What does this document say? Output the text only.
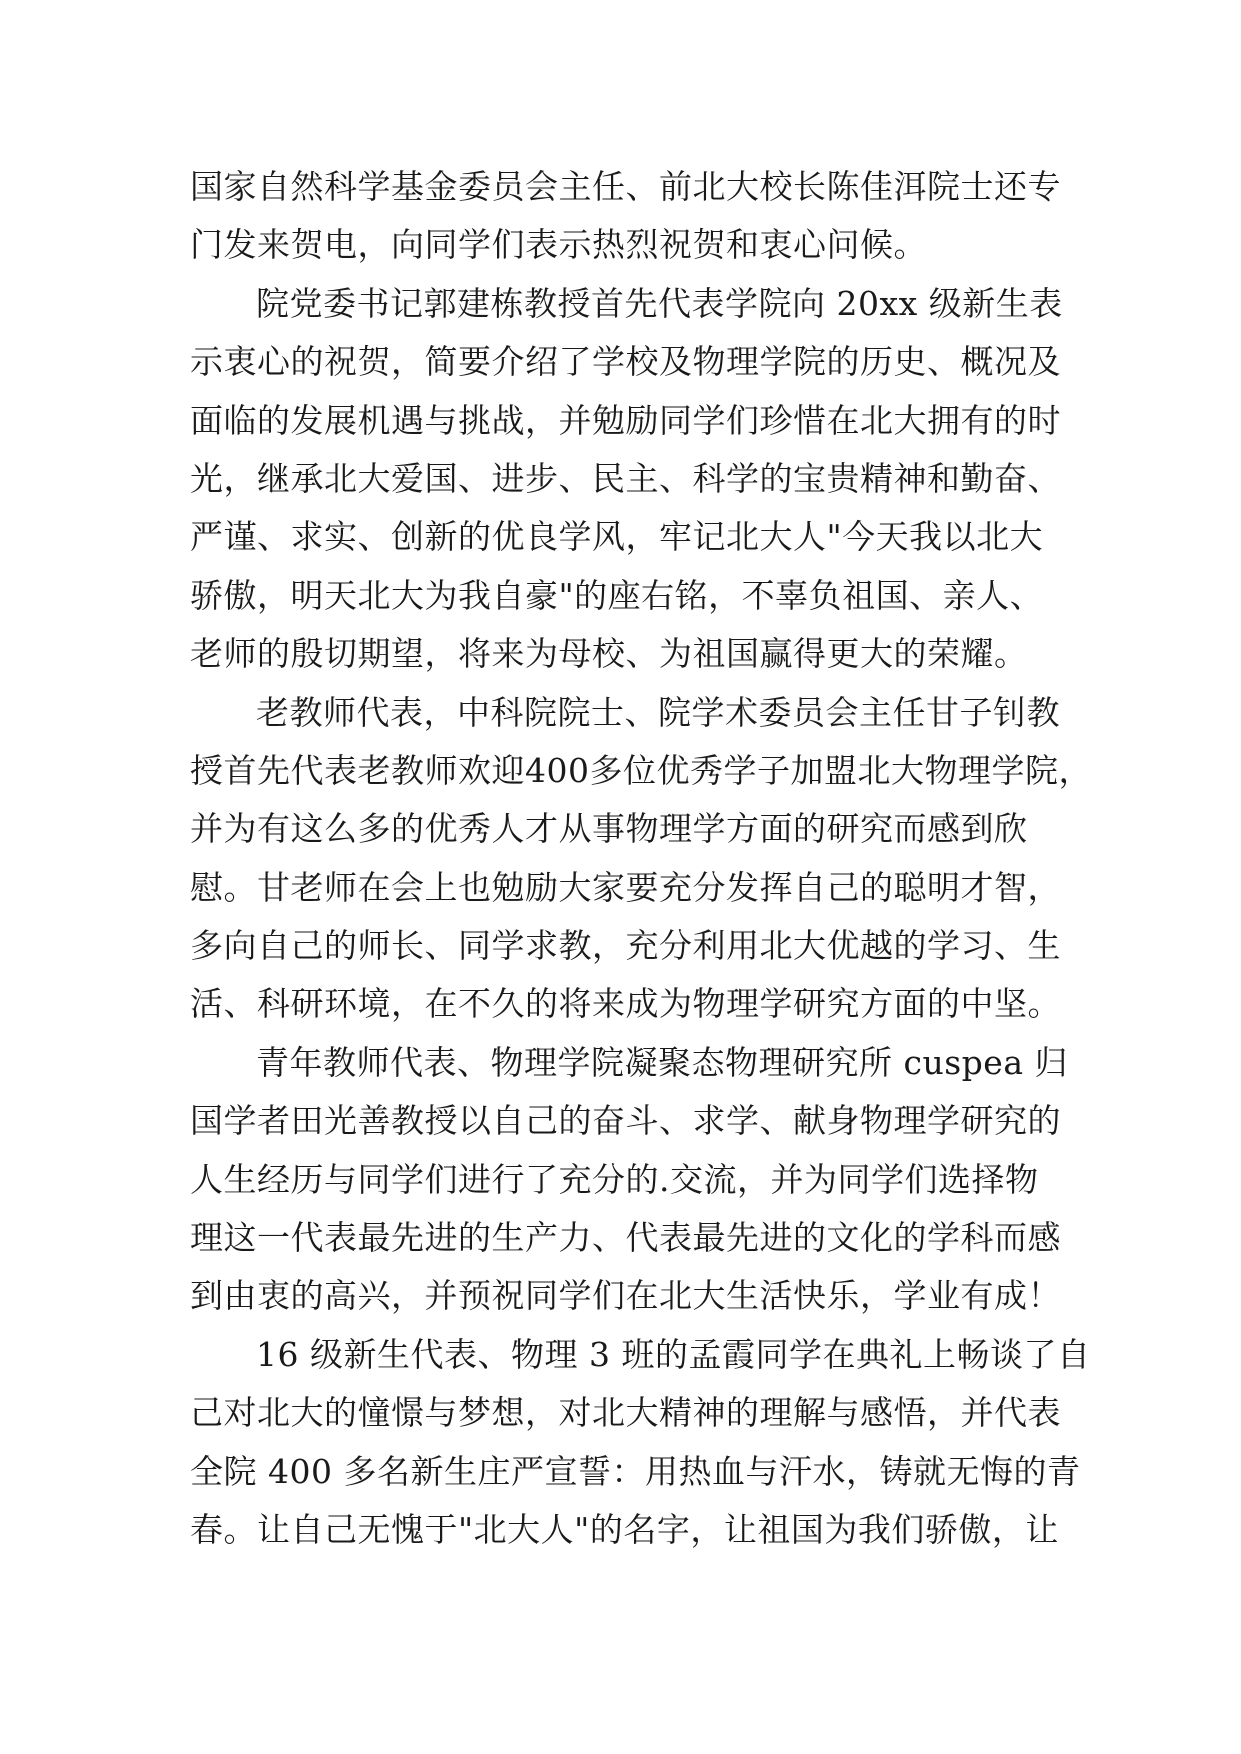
国家自然科学基金委员会主任、前北大校长陈佳洱院士还专
门发来贺电，向同学们表示热烈祝贺和衷心问候。
院党委书记郭建栋教授首先代表学院向 20xx 级新生表
示衷心的祝贺，简要介绍了学校及物理学院的历史、概况及
面临的发展机遇与挑战，并勉励同学们珍惜在北大拥有的时
光，继承北大爱国、进步、民主、科学的宝贵精神和勤奋、
严谨、求实、创新的优良学风，牢记北大人"今天我以北大
骄傲，明天北大为我自豪"的座右铭，不辜负祖国、亲人、
老师的殷切期望，将来为母校、为祖国赢得更大的荣耀。
老教师代表，中科院院士、院学术委员会主任甘子钊教
授首先代表老教师欢迎400多位优秀学子加盟北大物理学院，
并为有这么多的优秀人才从事物理学方面的研究而感到欣
慰。甘老师在会上也勉励大家要充分发挥自己的聪明才智，
多向自己的师长、同学求教，充分利用北大优越的学习、生
活、科研环境，在不久的将来成为物理学研究方面的中坚。
青年教师代表、物理学院凝聚态物理研究所 cuspea 归
国学者田光善教授以自己的奋斗、求学、献身物理学研究的
人生经历与同学们进行了充分的.交流，并为同学们选择物
理这一代表最先进的生产力、代表最先进的文化的学科而感
到由衷的高兴，并预祝同学们在北大生活快乐，学业有成！
16 级新生代表、物理 3 班的孟霞同学在典礼上畅谈了自
己对北大的憧憬与梦想，对北大精神的理解与感悟，并代表
全院 400 多名新生庄严宣誓：用热血与汗水，铸就无悔的青
春。让自己无愧于"北大人"的名字，让祖国为我们骄傲，让
